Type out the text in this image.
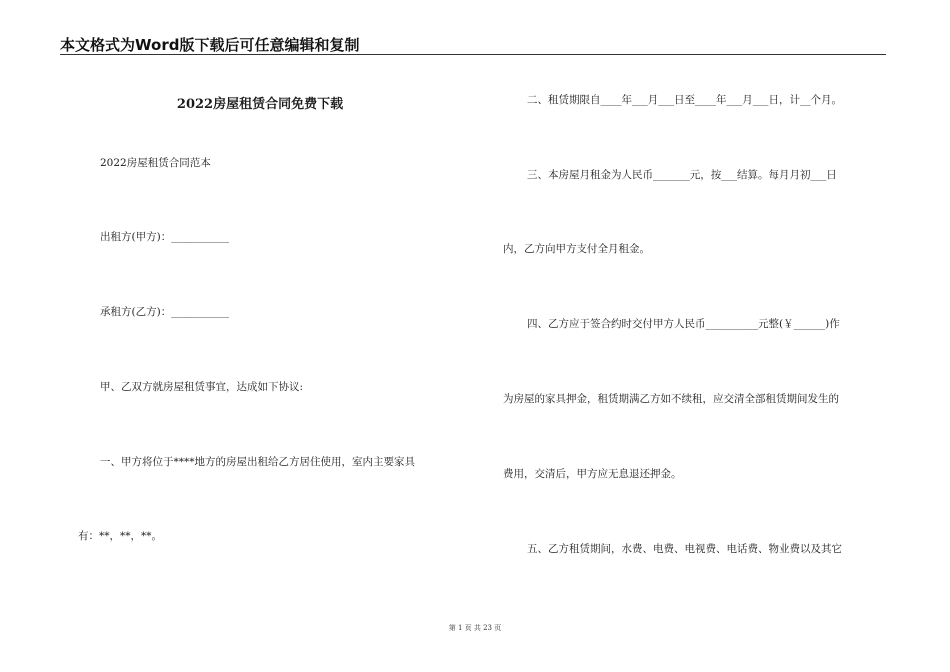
本文格式为Word版下载后可任意编辑和复制
2022房屋租赁合同免费下载
2022房屋租赁合同范本
出租方(甲方)：___________
承租方(乙方)：___________
甲、乙双方就房屋租赁事宜，达成如下协议:
一、甲方将位于****地方的房屋出租给乙方居住使用，室内主要家具
有：**，**，**。
二、租赁期限自____年___月___日至____年___月___日，计__个月。
三、本房屋月租金为人民币_______元，按___结算。每月月初___日
内，乙方向甲方支付全月租金。
四、乙方应于签合约时交付甲方人民币__________元整(￥______)作
为房屋的家具押金，租赁期满乙方如不续租，应交清全部租赁期间发生的
费用，交清后，甲方应无息退还押金。
五、乙方租赁期间，水费、电费、电视费、电话费、物业费以及其它
第 1 页 共 23 页
